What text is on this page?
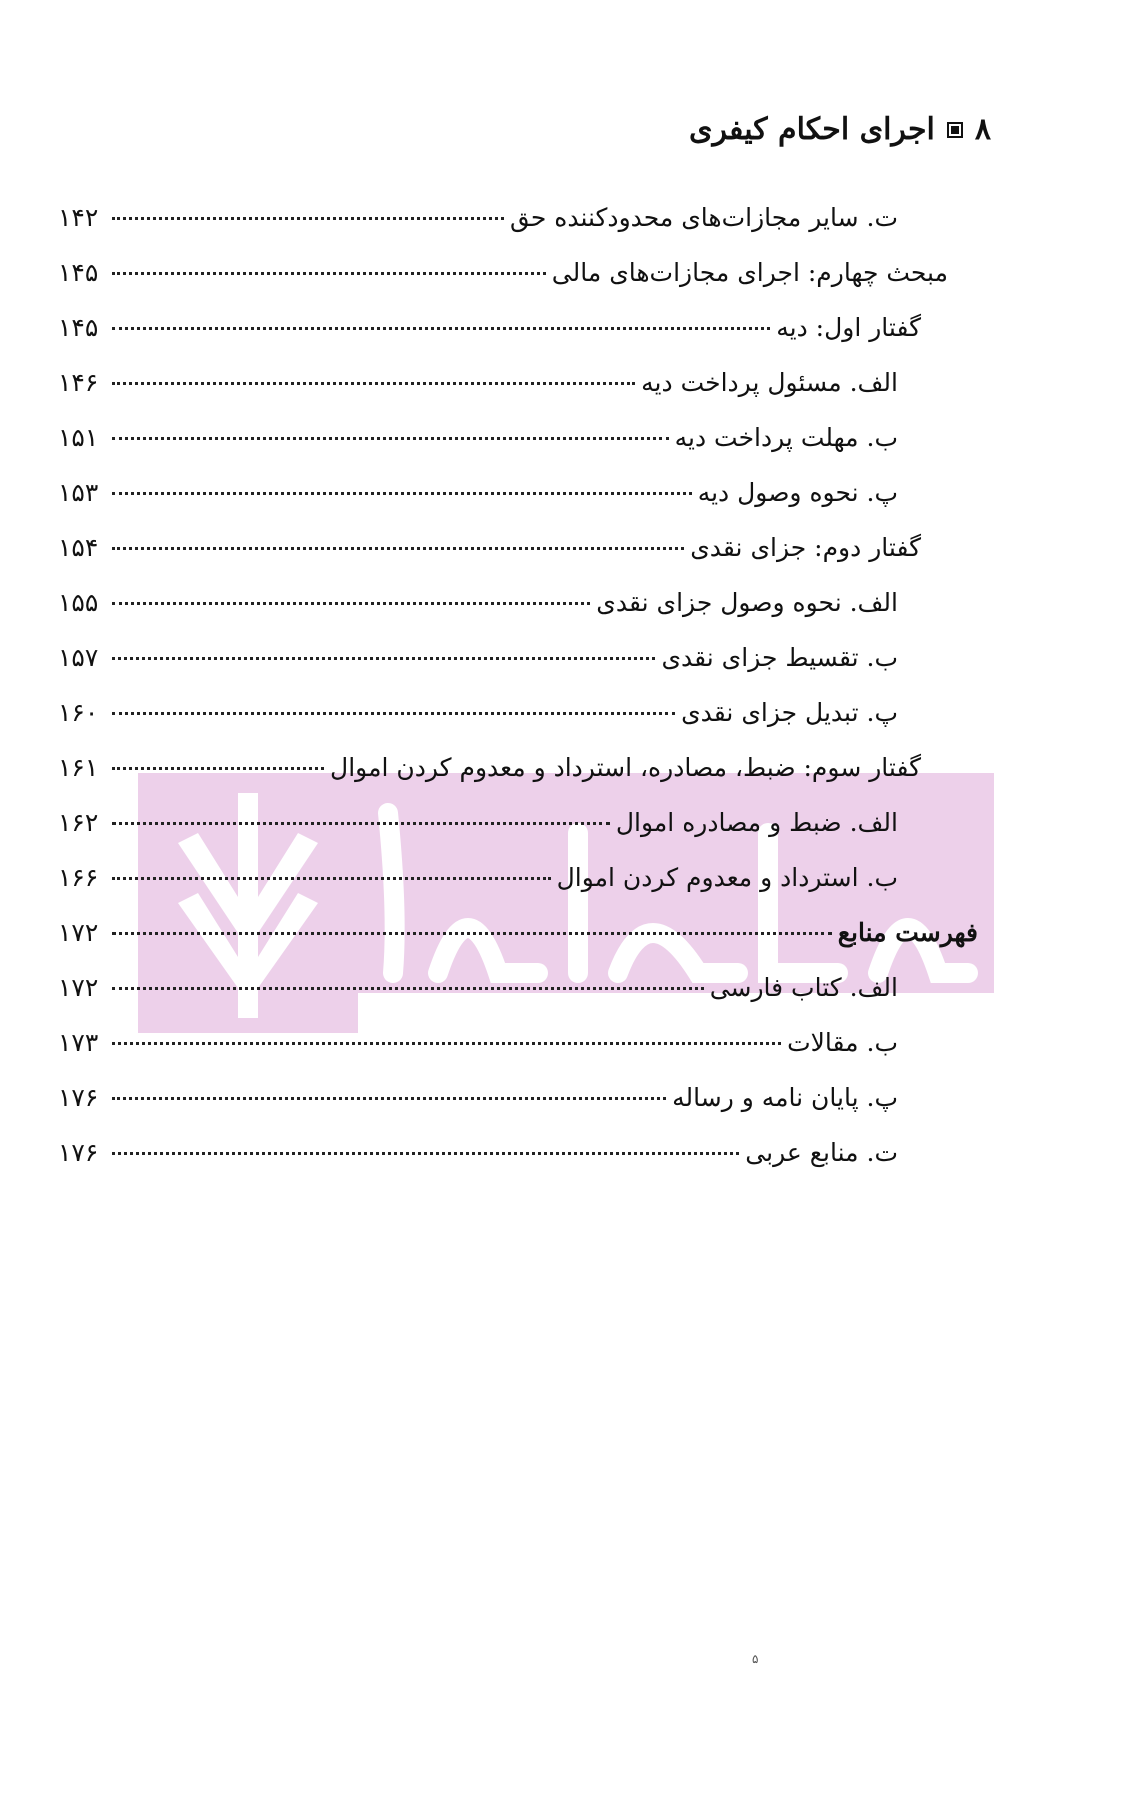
۸
اجرای احکام کیفری
ت. سایر مجازات‌های محدودکننده حق
۱۴۲
مبحث چهارم: اجرای مجازات‌های مالی
۱۴۵
گفتار اول: دیه
۱۴۵
الف. مسئول پرداخت دیه
۱۴۶
ب. مهلت پرداخت دیه
۱۵۱
پ. نحوه وصول دیه
۱۵۳
گفتار دوم: جزای نقدی
۱۵۴
الف. نحوه وصول جزای نقدی
۱۵۵
ب. تقسیط جزای نقدی
۱۵۷
پ. تبدیل جزای نقدی
۱۶۰
گفتار سوم: ضبط، مصادره، استرداد و معدوم کردن اموال
۱۶۱
الف. ضبط و مصادره اموال
۱۶۲
ب. استرداد و معدوم کردن اموال
۱۶۶
فهرست منابع
۱۷۲
الف. کتاب فارسی
۱۷۲
ب. مقالات
۱۷۳
پ. پایان نامه و رساله
۱۷۶
ت. منابع عربی
۱۷۶
۵
